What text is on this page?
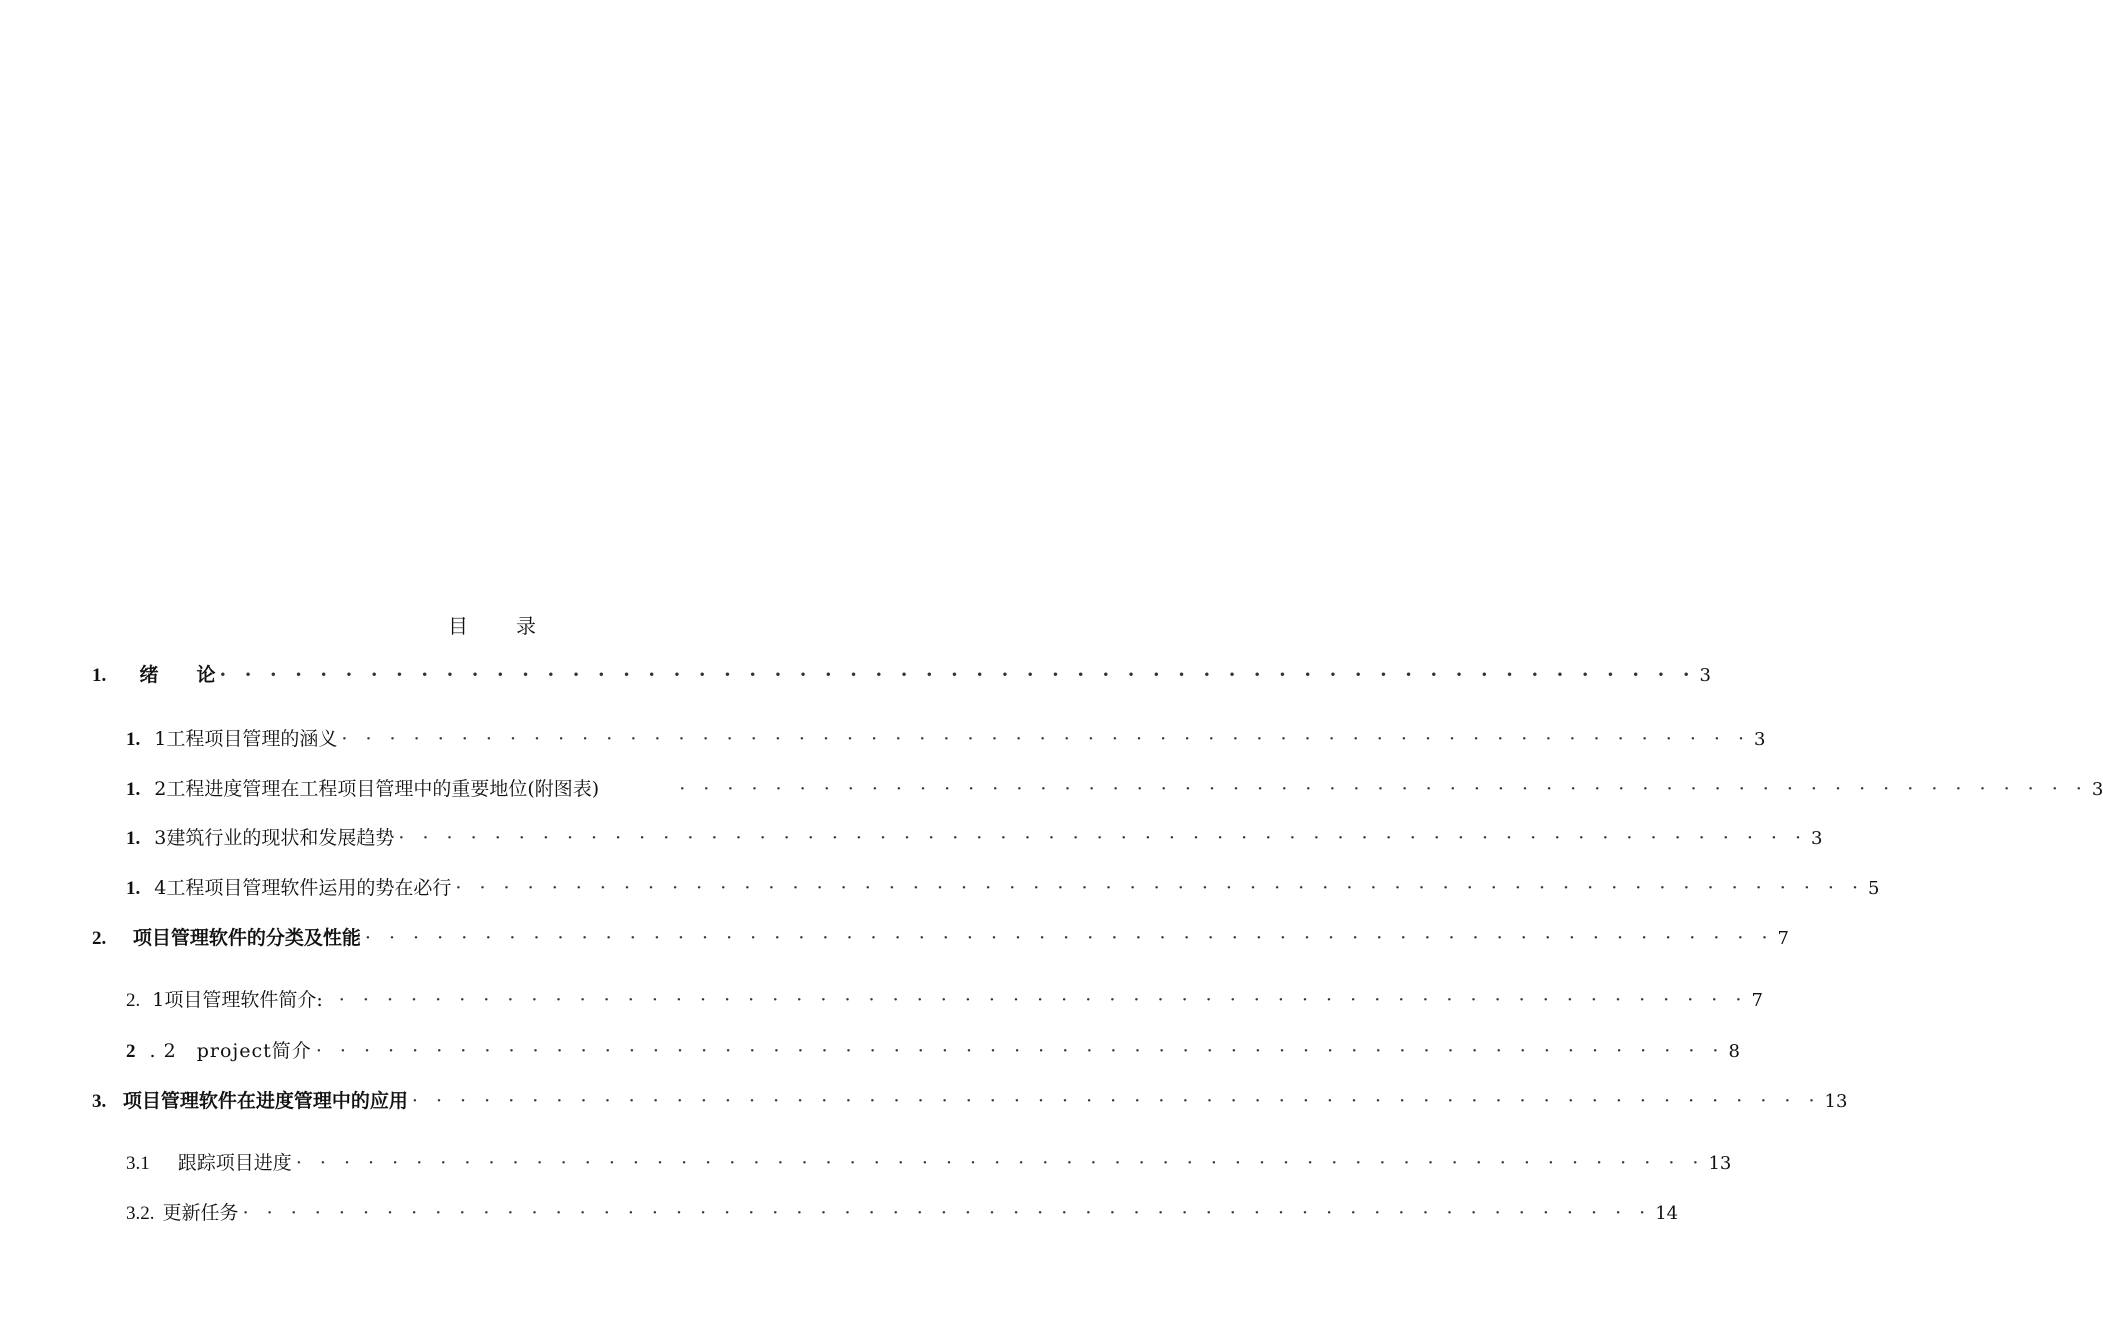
目　录
1. 绪　　论 · · · · · · · · · · · · · · · · · · · · · · · · · · · · · · · · · · · · · · · · · · · · · · · · · · · · · · · · · · · 3
1. 1工程项目管理的涵义 · · · · · · · · · · · · · · · · · · · · · · · · · · · · · · · · · · · · · · · · · · · · · · · · · · · · · · · · · · · 3
1. 2工程进度管理在工程项目管理中的重要地位(附图表)	· · · · · · · · · · · · · · · · · · · · · · · · · · · · · · · · · · · · · · · · · · · · · · · · · · · · · · · · · · · 3
1. 3建筑行业的现状和发展趋势 · · · · · · · · · · · · · · · · · · · · · · · · · · · · · · · · · · · · · · · · · · · · · · · · · · · · · · · · · · · 3
1. 4工程项目管理软件运用的势在必行 · · · · · · · · · · · · · · · · · · · · · · · · · · · · · · · · · · · · · · · · · · · · · · · · · · · · · · · · · · · 5
2. 项目管理软件的分类及性能 · · · · · · · · · · · · · · · · · · · · · · · · · · · · · · · · · · · · · · · · · · · · · · · · · · · · · · · · · · · 7
2. 1项目管理软件简介: · · · · · · · · · · · · · · · · · · · · · · · · · · · · · · · · · · · · · · · · · · · · · · · · · · · · · · · · · · · 7
2 . 2　project简介 · · · · · · · · · · · · · · · · · · · · · · · · · · · · · · · · · · · · · · · · · · · · · · · · · · · · · · · · · · · 8
3. 项目管理软件在进度管理中的应用 · · · · · · · · · · · · · · · · · · · · · · · · · · · · · · · · · · · · · · · · · · · · · · · · · · · · · · · · · · · 13
3.1 跟踪项目进度 · · · · · · · · · · · · · · · · · · · · · · · · · · · · · · · · · · · · · · · · · · · · · · · · · · · · · · · · · · · 13
3.2. 更新任务 · · · · · · · · · · · · · · · · · · · · · · · · · · · · · · · · · · · · · · · · · · · · · · · · · · · · · · · · · · · 14
